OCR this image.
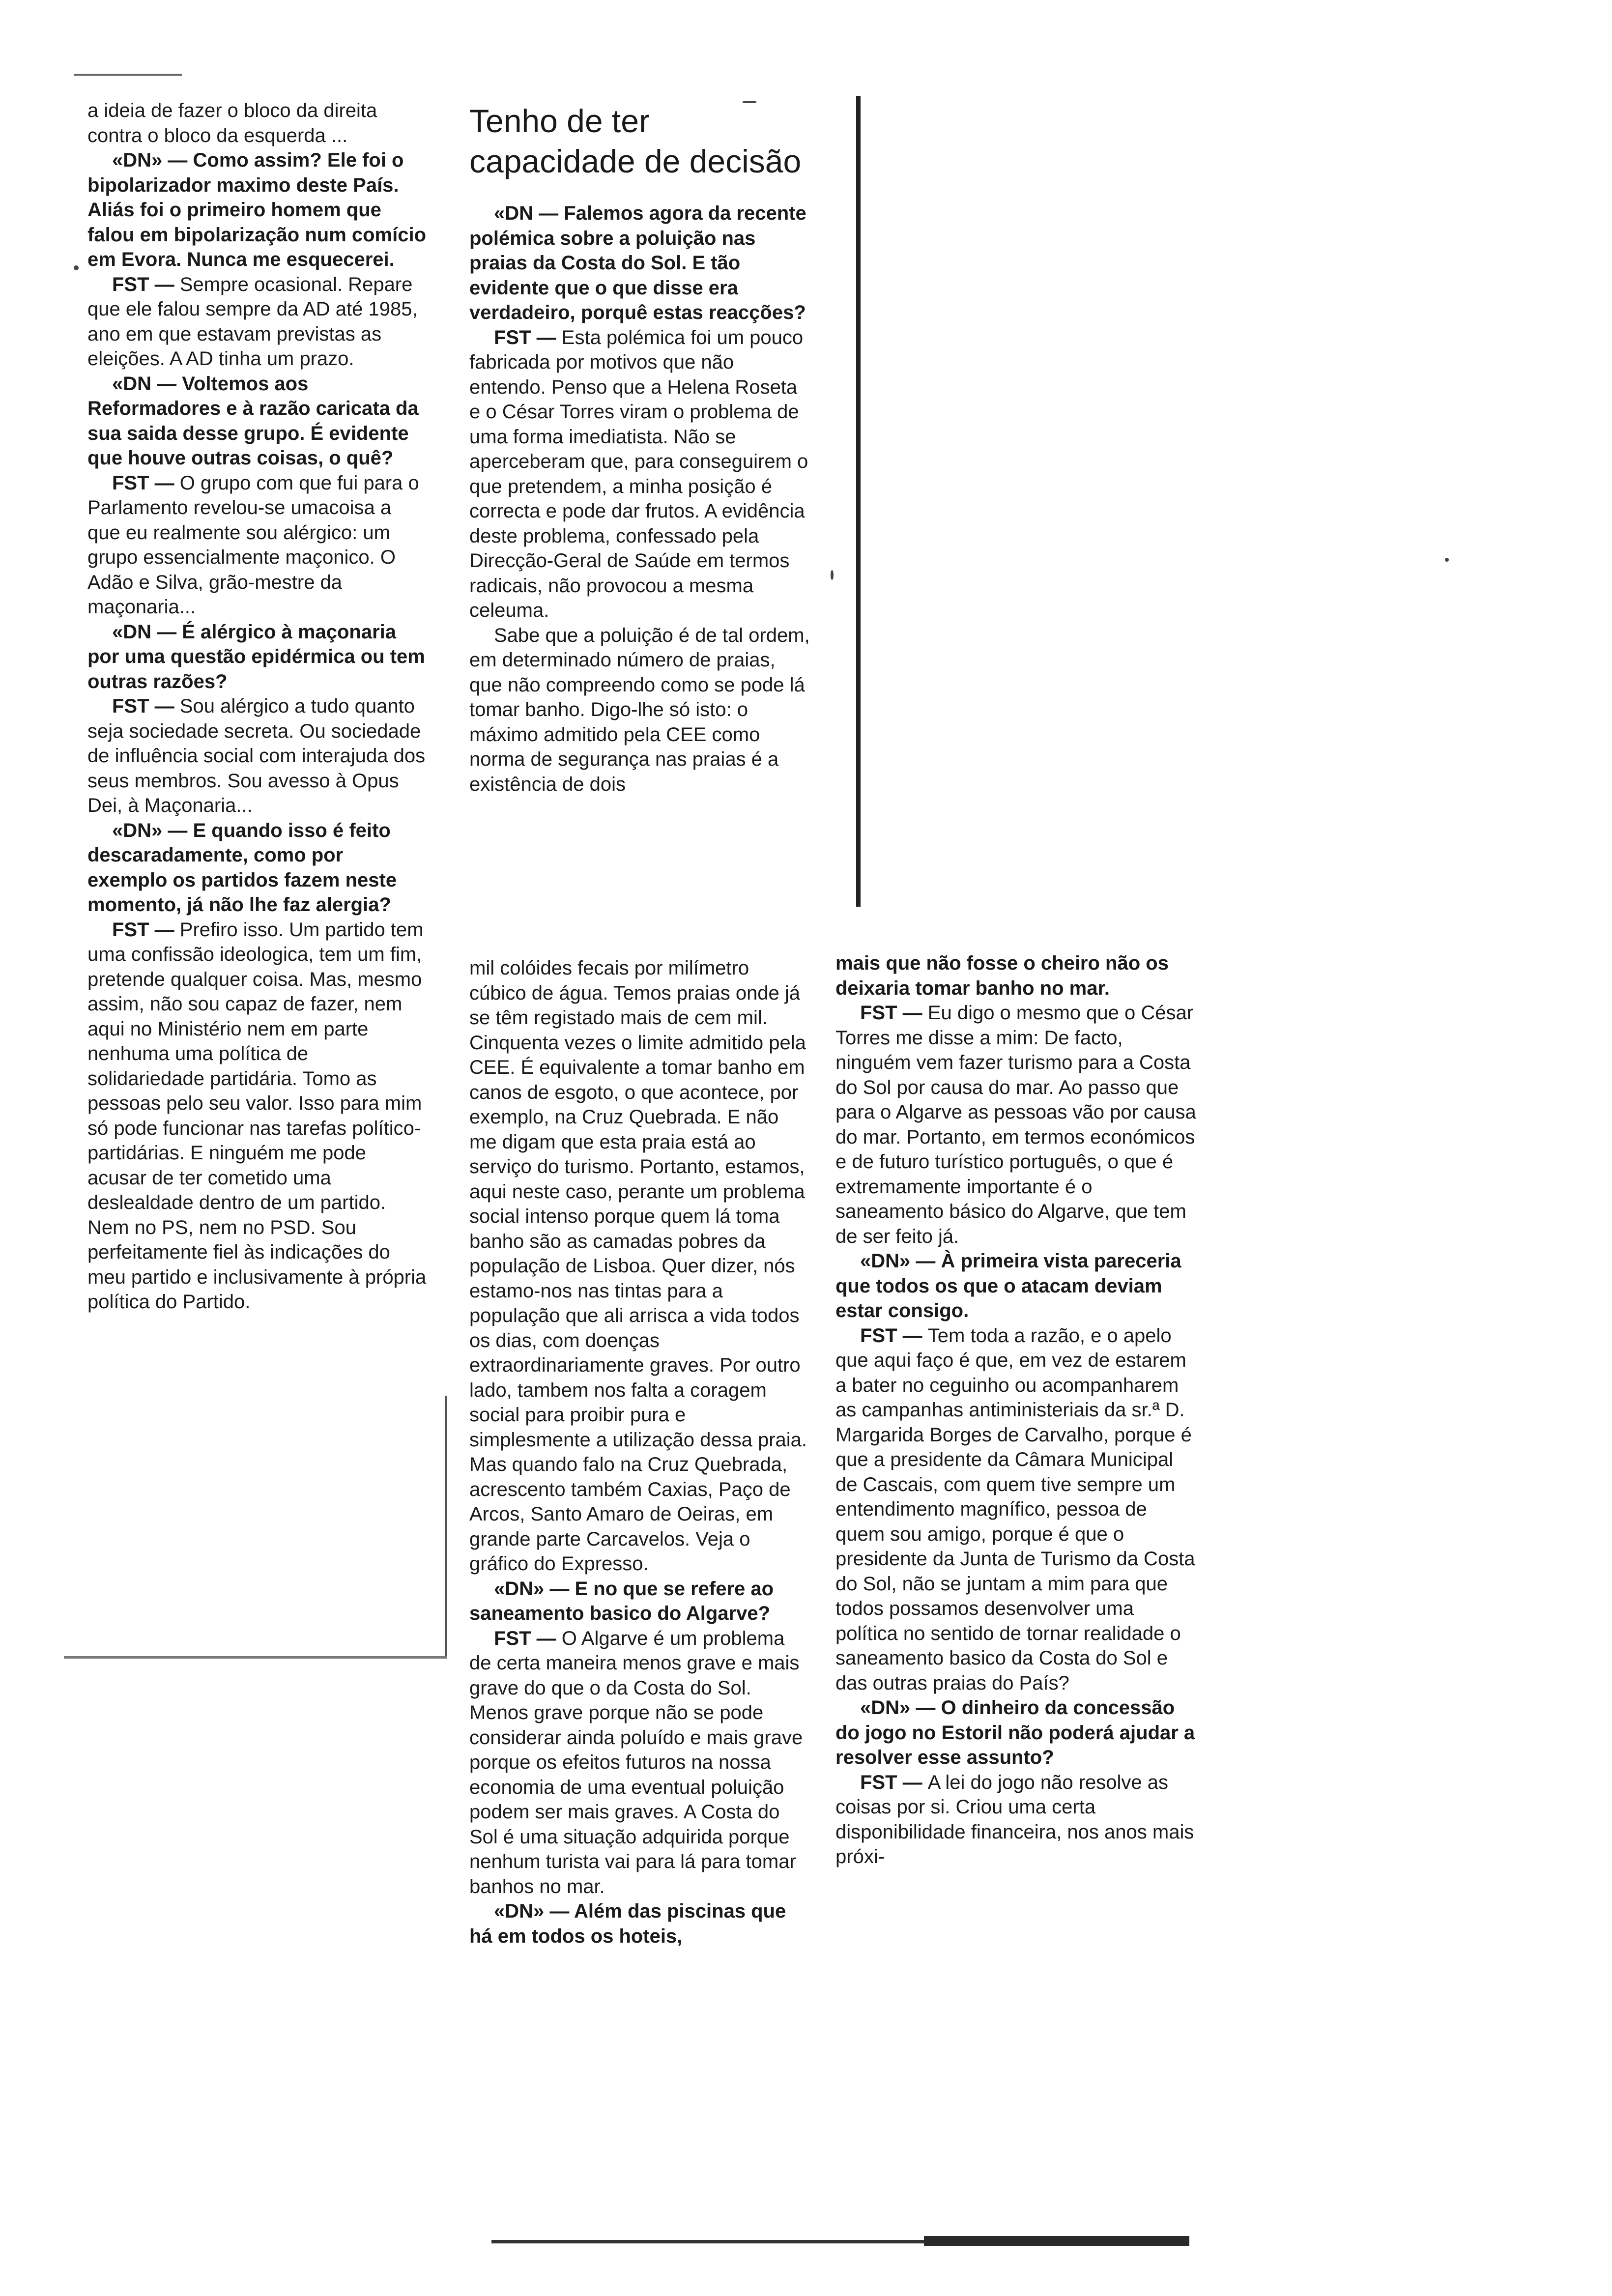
a ideia de fazer o bloco da direita contra o bloco da esquerda ...

«DN» — Como assim? Ele foi o bipolarizador maximo deste País. Aliás foi o primeiro homem que falou em bipolarização num comício em Evora. Nunca me esquecerei.

FST — Sempre ocasional. Repare que ele falou sempre da AD até 1985, ano em que estavam previstas as eleições. A AD tinha um prazo.

«DN — Voltemos aos Reformadores e à razão caricata da sua saida desse grupo. É evidente que houve outras coisas, o quê?

FST — O grupo com que fui para o Parlamento revelou-se umacoisa a que eu realmente sou alérgico: um grupo essencialmente maçonico. O Adão e Silva, grão-mestre da maçonaria...

«DN — É alérgico à maçonaria por uma questão epidérmica ou tem outras razões?

FST — Sou alérgico a tudo quanto seja sociedade secreta. Ou sociedade de influência social com interajuda dos seus membros. Sou avesso à Opus Dei, à Maçonaria...

«DN» — E quando isso é feito descaradamente, como por exemplo os partidos fazem neste momento, já não lhe faz alergia?

FST — Prefiro isso. Um partido tem uma confissão ideologica, tem um fim, pretende qualquer coisa. Mas, mesmo assim, não sou capaz de fazer, nem aqui no Ministério nem em parte nenhuma uma política de solidariedade partidária. Tomo as pessoas pelo seu valor. Isso para mim só pode funcionar nas tarefas político-partidárias. E ninguém me pode acusar de ter cometido uma deslealdade dentro de um partido. Nem no PS, nem no PSD. Sou perfeitamente fiel às indicações do meu partido e inclusivamente à própria política do Partido.

Tenho de ter capacidade de decisão

«DN — Falemos agora da recente polémica sobre a poluição nas praias da Costa do Sol. E tão evidente que o que disse era verdadeiro, porquê estas reacções?

FST — Esta polémica foi um pouco fabricada por motivos que não entendo. Penso que a Helena Roseta e o César Torres viram o problema de uma forma imediatista. Não se aperceberam que, para conseguirem o que pretendem, a minha posição é correcta e pode dar frutos. A evidência deste problema, confessado pela Direcção-Geral de Saúde em termos radicais, não provocou a mesma celeuma.

Sabe que a poluição é de tal ordem, em determinado número de praias, que não compreendo como se pode lá tomar banho. Digo-lhe só isto: o máximo admitido pela CEE como norma de segurança nas praias é a existência de dois

mil colóides fecais por milímetro cúbico de água. Temos praias onde já se têm registado mais de cem mil. Cinquenta vezes o limite admitido pela CEE. É equivalente a tomar banho em canos de esgoto, o que acontece, por exemplo, na Cruz Quebrada. E não me digam que esta praia está ao serviço do turismo. Portanto, estamos, aqui neste caso, perante um problema social intenso porque quem lá toma banho são as camadas pobres da população de Lisboa. Quer dizer, nós estamo-nos nas tintas para a população que ali arrisca a vida todos os dias, com doenças extraordinariamente graves. Por outro lado, tambem nos falta a coragem social para proibir pura e simplesmente a utilização dessa praia. Mas quando falo na Cruz Quebrada, acrescento também Caxias, Paço de Arcos, Santo Amaro de Oeiras, em grande parte Carcavelos. Veja o gráfico do Expresso.

«DN» — E no que se refere ao saneamento basico do Algarve?

FST — O Algarve é um problema de certa maneira menos grave e mais grave do que o da Costa do Sol. Menos grave porque não se pode considerar ainda poluído e mais grave porque os efeitos futuros na nossa economia de uma eventual poluição podem ser mais graves. A Costa do Sol é uma situação adquirida porque nenhum turista vai para lá para tomar banhos no mar.

«DN» — Além das piscinas que há em todos os hoteis,

mais que não fosse o cheiro não os deixaria tomar banho no mar.

FST — Eu digo o mesmo que o César Torres me disse a mim: De facto, ninguém vem fazer turismo para a Costa do Sol por causa do mar. Ao passo que para o Algarve as pessoas vão por causa do mar. Portanto, em termos económicos e de futuro turístico português, o que é extremamente importante é o saneamento básico do Algarve, que tem de ser feito já.

«DN» — À primeira vista pareceria que todos os que o atacam deviam estar consigo.

FST — Tem toda a razão, e o apelo que aqui faço é que, em vez de estarem a bater no ceguinho ou acompanharem as campanhas antiministeriais da sr.ª D. Margarida Borges de Carvalho, porque é que a presidente da Câmara Municipal de Cascais, com quem tive sempre um entendimento magnífico, pessoa de quem sou amigo, porque é que o presidente da Junta de Turismo da Costa do Sol, não se juntam a mim para que todos possamos desenvolver uma política no sentido de tornar realidade o saneamento basico da Costa do Sol e das outras praias do País?

«DN» — O dinheiro da concessão do jogo no Estoril não poderá ajudar a resolver esse assunto?

FST — A lei do jogo não resolve as coisas por si. Criou uma certa disponibilidade financeira, nos anos mais próxi-
